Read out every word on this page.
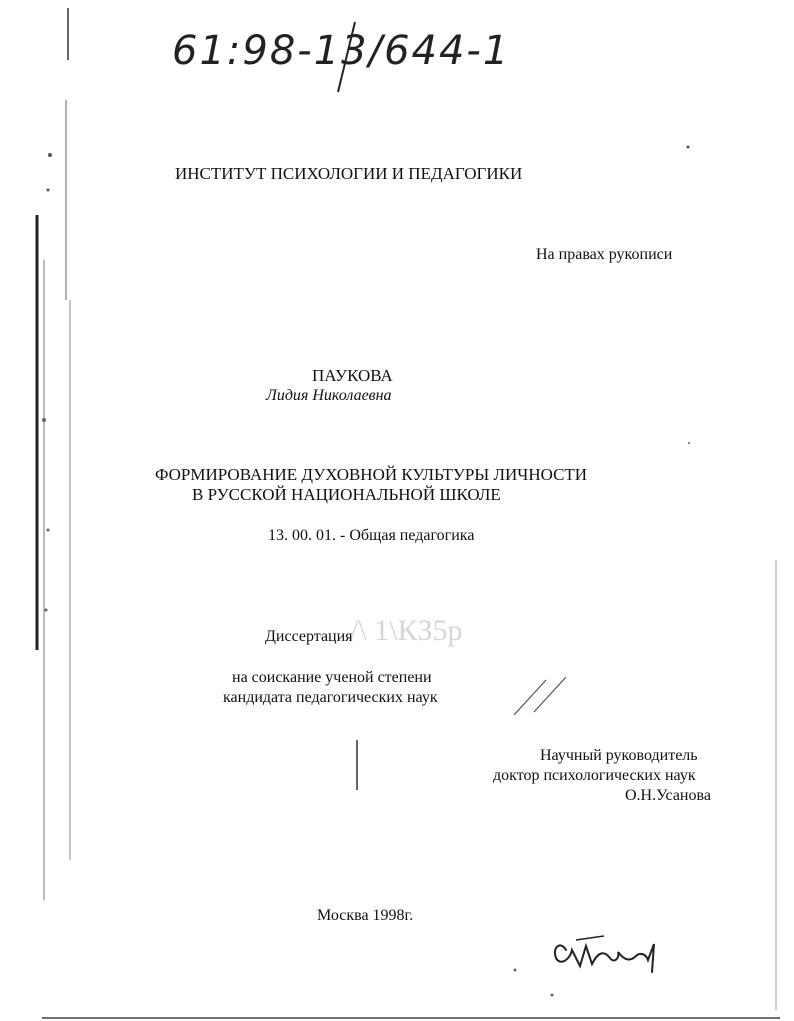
/\ 1\КЗ5р
61:98-13/644-1
ИНСТИТУТ ПСИХОЛОГИИ И ПЕДАГОГИКИ
На правах рукописи
ПАУКОВА
Лидия Николаевна
ФОРМИРОВАНИЕ ДУХОВНОЙ КУЛЬТУРЫ ЛИЧНОСТИ
В РУССКОЙ НАЦИОНАЛЬНОЙ ШКОЛЕ
13. 00. 01. - Общая педагогика
Диссертация
на соискание ученой степени
кандидата педагогических наук
Научный руководитель
доктор психологических наук
О.Н.Усанова
Москва 1998г.
